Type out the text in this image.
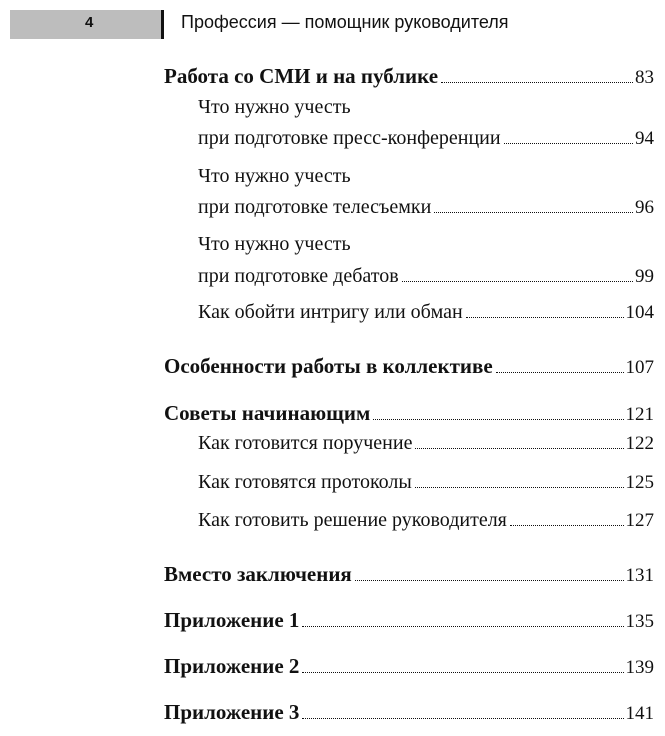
4	Профессия — помощник руководителя
Работа со СМИ и на публике	83
Что нужно учесть
при подготовке пресс-конференции	94
Что нужно учесть
при подготовке телесъемки	96
Что нужно учесть
при подготовке дебатов	99
Как обойти интригу или обман	104
Особенности работы в коллективе	107
Советы начинающим	121
Как готовится поручение	122
Как готовятся протоколы	125
Как готовить решение руководителя	127
Вместо заключения	131
Приложение 1	135
Приложение 2	139
Приложение 3	141
